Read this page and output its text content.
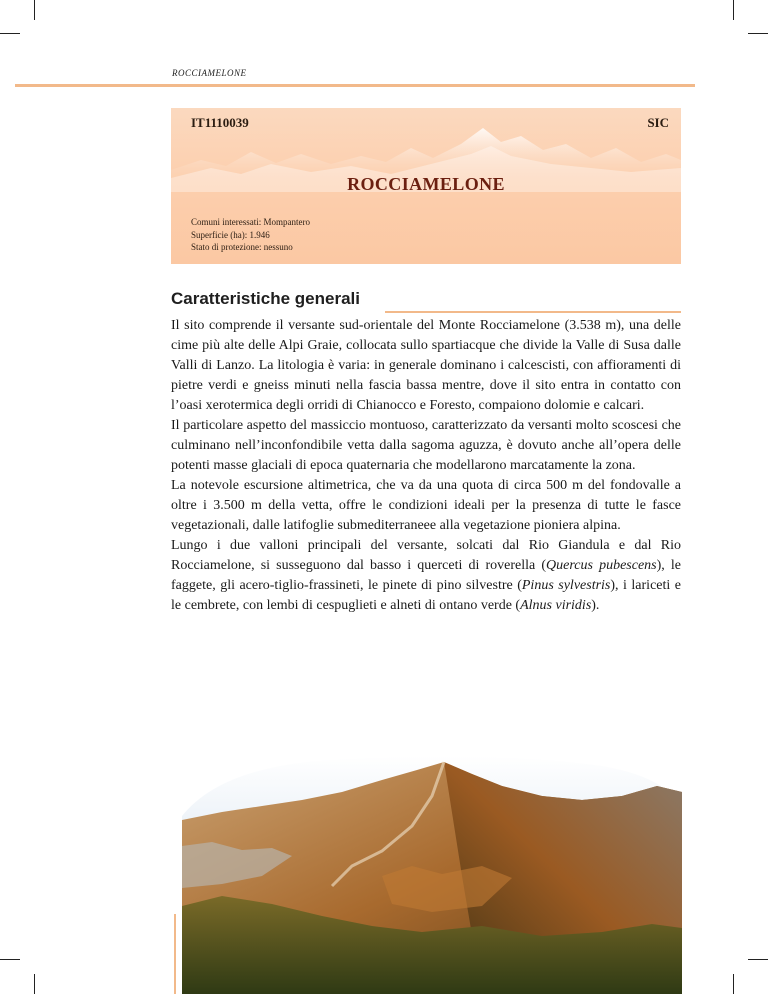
ROCCIAMELONE
IT1110039	SIC
ROCCIAMELONE
Comuni interessati: Mompantero
Superficie (ha): 1.946
Stato di protezione: nessuno
Caratteristiche generali

Il sito comprende il versante sud-orientale del Monte Rocciamelone (3.538 m), una delle cime più alte delle Alpi Graie, collocata sullo spartiacque che divide la Valle di Susa dalle Valli di Lanzo. La litologia è varia: in generale dominano i calcescisti, con affioramenti di pietre verdi e gneiss minuti nella fascia bassa mentre, dove il sito entra in contatto con l’oasi xerotermica degli orridi di Chianocco e Foresto, compaiono dolomie e calcari.

Il particolare aspetto del massiccio montuoso, caratterizzato da versanti molto scoscesi che culminano nell’inconfondibile vetta dalla sagoma aguzza, è dovuto anche all’opera delle potenti masse glaciali di epoca quaternaria che modellarono marcatamente la zona.

La notevole escursione altimetrica, che va da una quota di circa 500 m del fondovalle a oltre i 3.500 m della vetta, offre le condizioni ideali per la presenza di tutte le fasce vegetazionali, dalle latifoglie submediterraneee alla vegetazione pioniera alpina.

Lungo i due valloni principali del versante, solcati dal Rio Giandula e dal Rio Rocciamelone, si susseguono dal basso i querceti di roverella (Quercus pubescens), le faggete, gli acero-tiglio-frassineti, le pinete di pino silvestre (Pinus sylvestris), i lariceti e le cembrete, con lembi di cespuglieti e alneti di ontano verde (Alnus viridis).
